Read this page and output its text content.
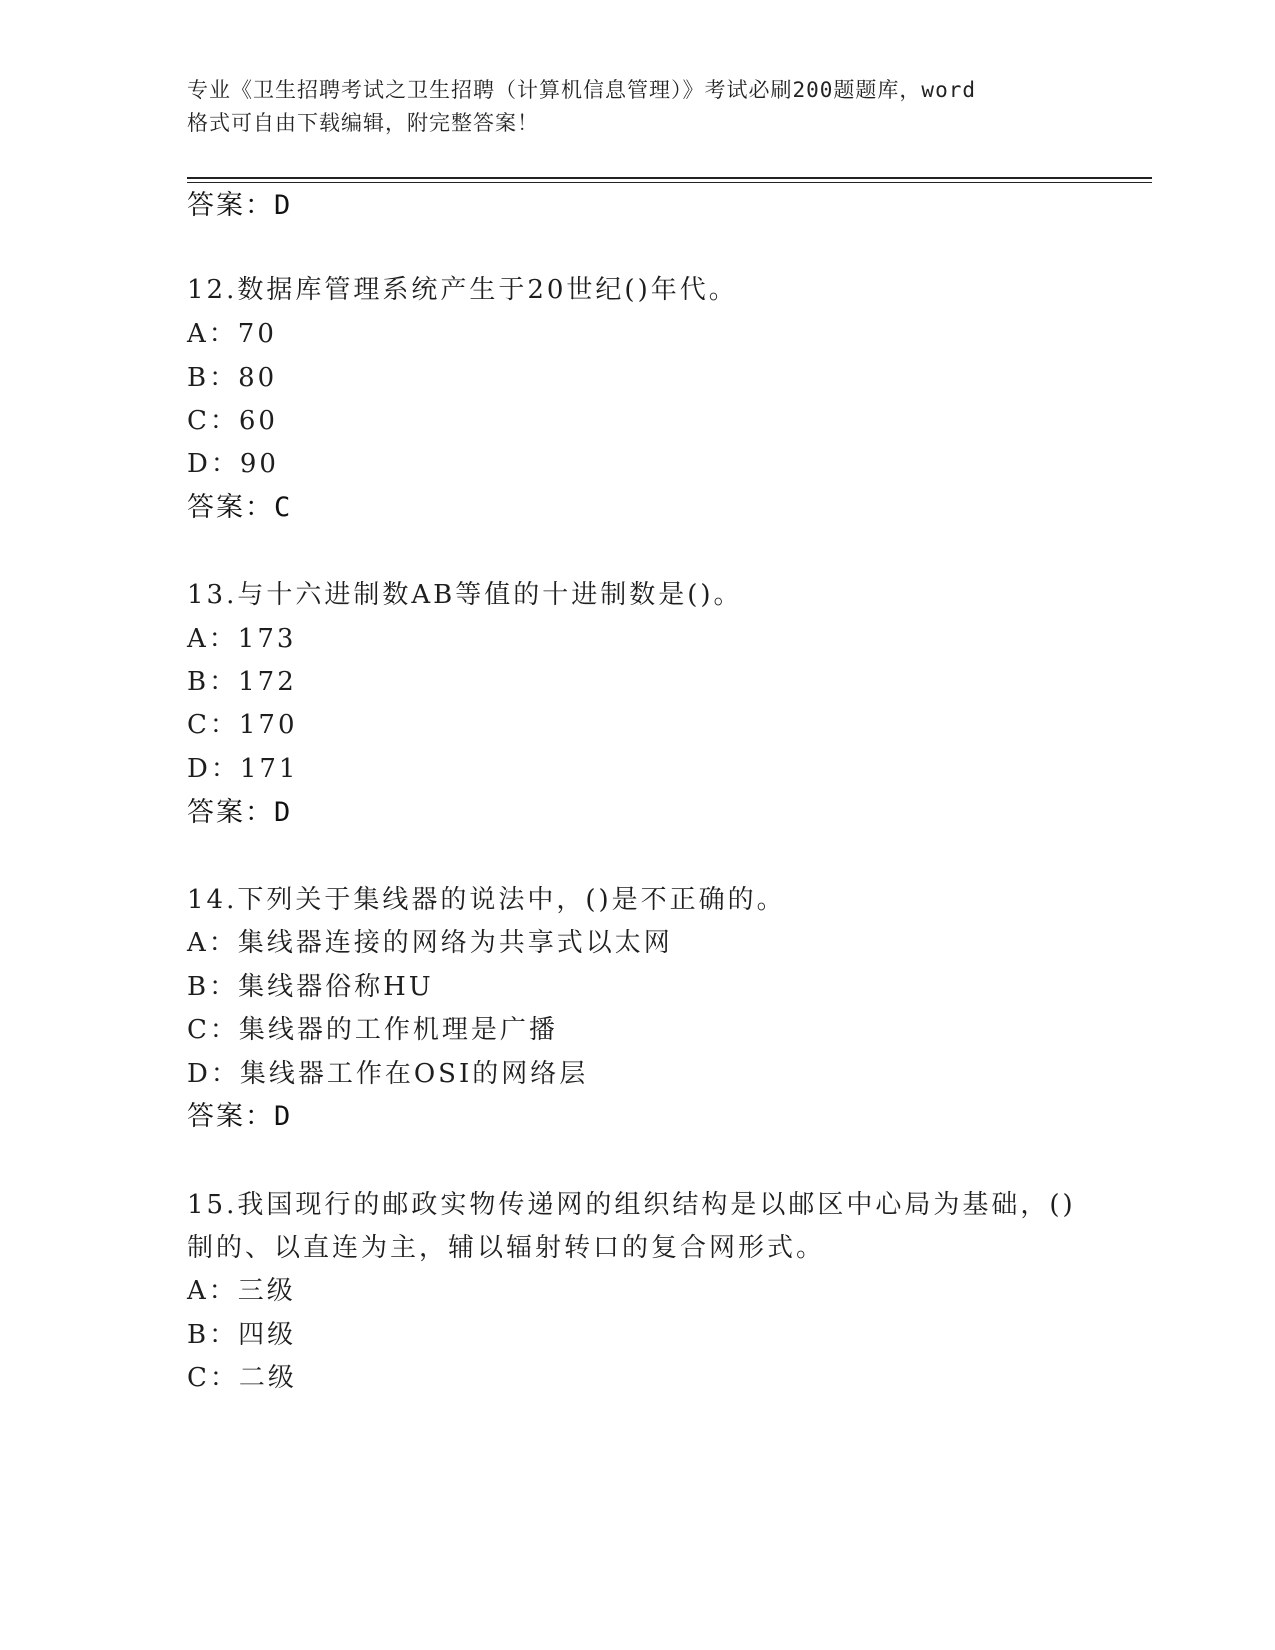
专业《卫生招聘考试之卫生招聘（计算机信息管理）》考试必刷200题题库，word
格式可自由下载编辑，附完整答案！
答案：D
12.数据库管理系统产生于20世纪()年代。
A：70
B：80
C：60
D：90
答案：C
13.与十六进制数AB等值的十进制数是()。
A：173
B：172
C：170
D：171
答案：D
14.下列关于集线器的说法中，()是不正确的。
A：集线器连接的网络为共享式以太网
B：集线器俗称HU
C：集线器的工作机理是广播
D：集线器工作在OSI的网络层
答案：D
15.我国现行的邮政实物传递网的组织结构是以邮区中心局为基础，()
制的、以直连为主，辅以辐射转口的复合网形式。
A：三级
B：四级
C：二级
